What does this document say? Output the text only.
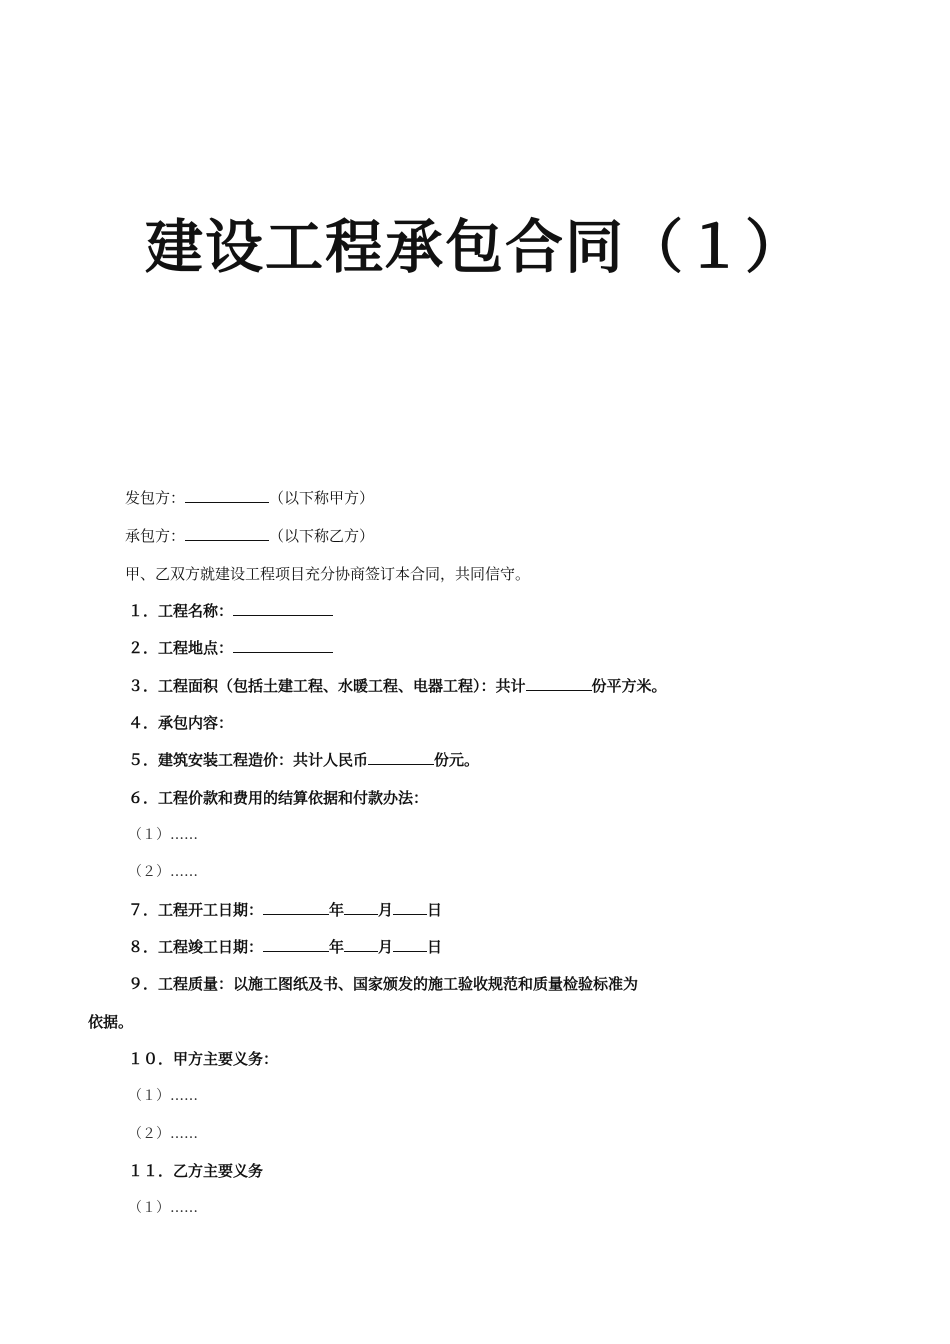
建设工程承包合同（１）
发包方：	（以下称甲方）
承包方：	（以下称乙方）
甲、乙双方就建设工程项目充分协商签订本合同，共同信守。
１．工程名称：
２．工程地点：
３．工程面积（包括土建工程、水暖工程、电器工程）：共计	份平方米。
４．承包内容：
５．建筑安装工程造价：共计人民币	份元。
６．工程价款和费用的结算依据和付款办法：
（１）……
（２）……
７．工程开工日期：	年 月 日
８．工程竣工日期：	年 月 日
９．工程质量：以施工图纸及书、国家颁发的施工验收规范和质量检验标准为
依据。
１０．甲方主要义务：
（１）……
（２）……
１１．乙方主要义务
（１）……
